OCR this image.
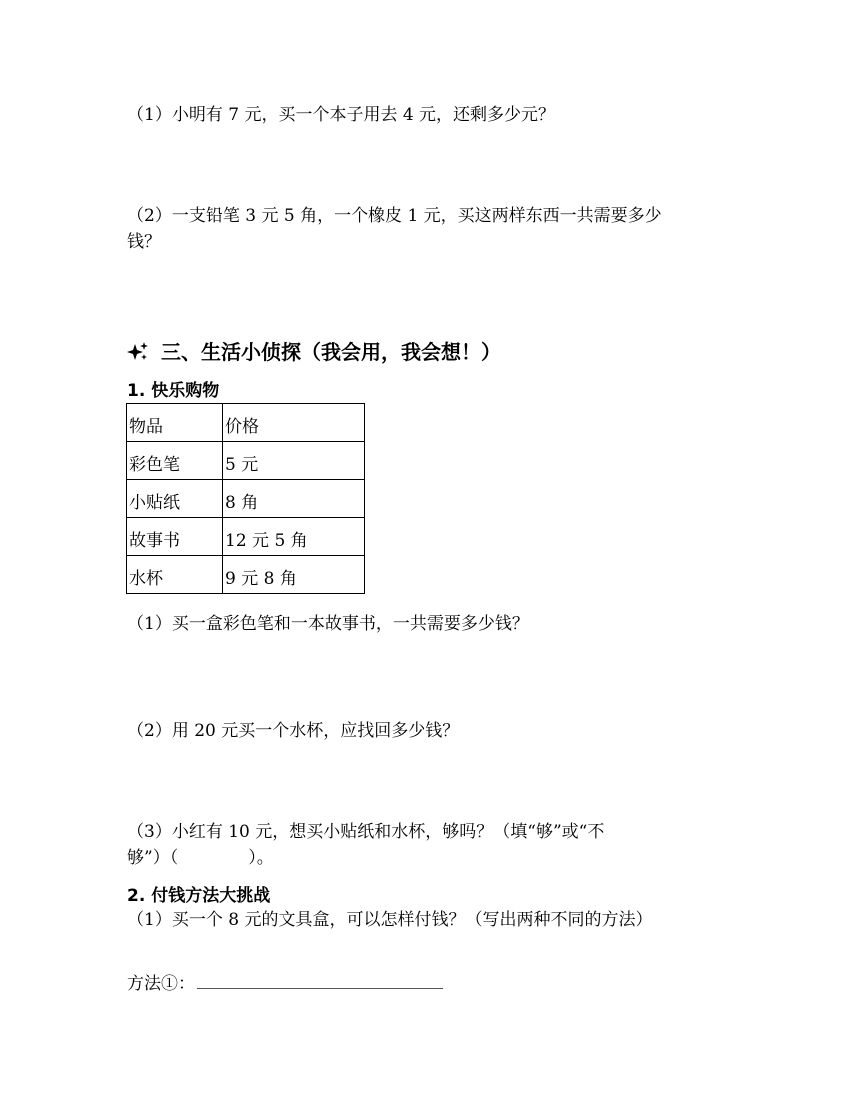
（1）小明有 7 元，买一个本子用去 4 元，还剩多少元？
（2）一支铅笔 3 元 5 角，一个橡皮 1 元，买这两样东西一共需要多少
钱？
三、生活小侦探（我会用，我会想！）
1. 快乐购物
物品	价格
彩色笔	5 元
小贴纸	8 角
故事书	12 元 5 角
水杯	9 元 8 角
（1）买一盒彩色笔和一本故事书，一共需要多少钱？
（2）用 20 元买一个水杯，应找回多少钱？
（3）小红有 10 元，想买小贴纸和水杯，够吗？（填“够”或“不
够”）（	）。
2. 付钱方法大挑战
（1）买一个 8 元的文具盒，可以怎样付钱？（写出两种不同的方法）
方法①：
